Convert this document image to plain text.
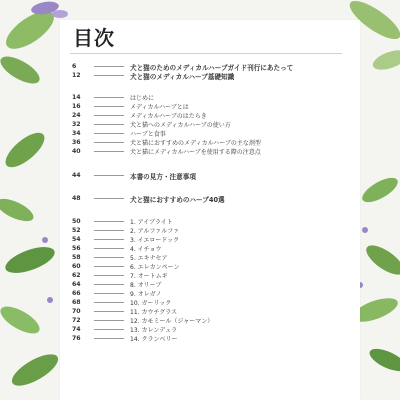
目次
6	犬と猫のためのメディカルハーブガイド刊行にあたって
12	犬と猫のメディカルハーブ基礎知識
14	はじめに
16	メディカルハーブとは
24	メディカルハーブのはたらき
32	犬と猫へのメディカルハーブの使い方
34	ハーブと食事
36	犬と猫におすすめのメディカルハーブの主な剤型
40	犬と猫にメディカルハーブを使用する際の注意点
44	本書の見方・注意事項
48	犬と猫におすすめのハーブ40選
50	1. アイブライト
52	2. アルファルファ
54	3. イエロードック
56	4. イチョウ
58	5. エキナセア
60	6. エレカンペーン
62	7. オートムギ
64	8. オリーブ
66	9. オレガノ
68	10. ガーリック
70	11. カウチグラス
72	12. カモミール（ジャーマン）
74	13. カレンデュラ
76	14. クランベリー
